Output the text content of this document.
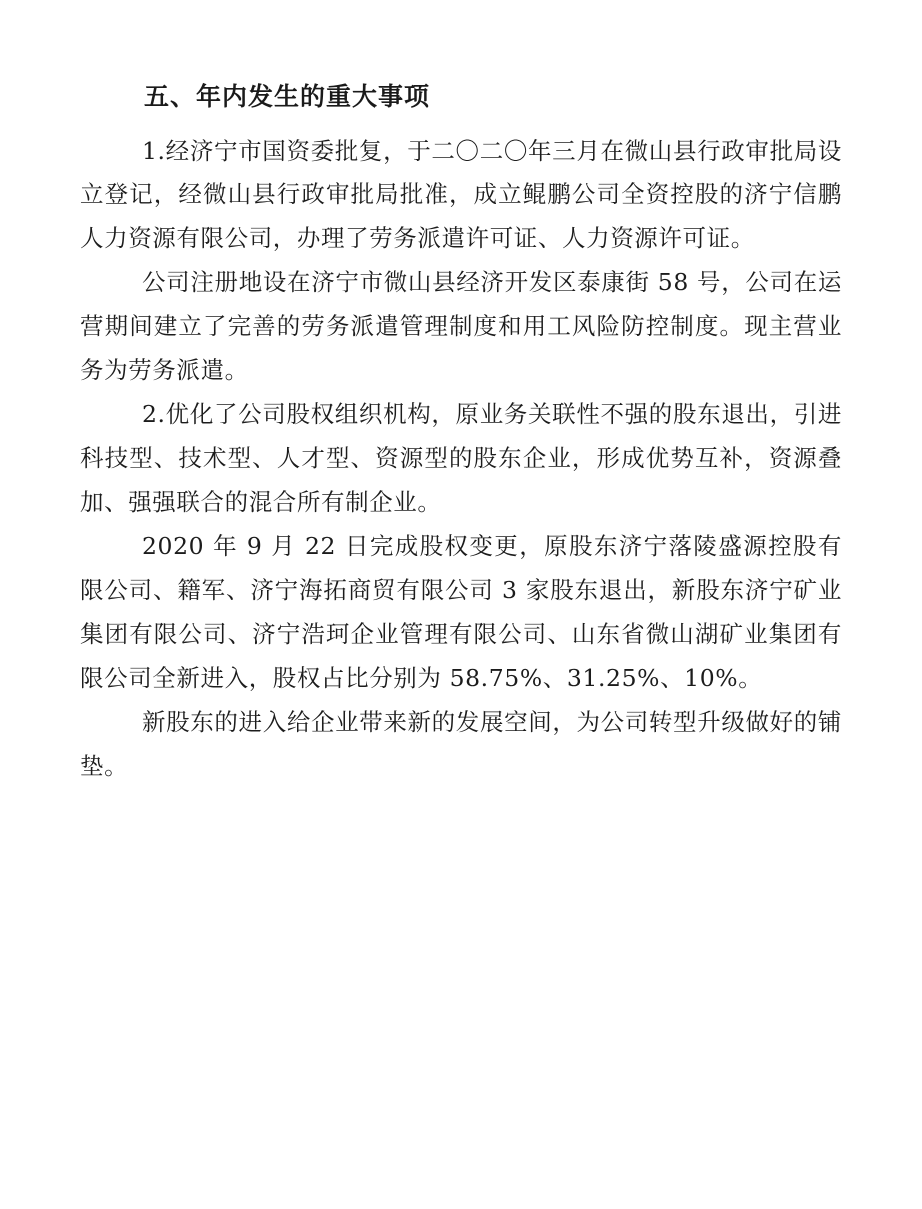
五、年内发生的重大事项

1.经济宁市国资委批复，于二〇二〇年三月在微山县行政审批局设立登记，经微山县行政审批局批准，成立鲲鹏公司全资控股的济宁信鹏人力资源有限公司，办理了劳务派遣许可证、人力资源许可证。

公司注册地设在济宁市微山县经济开发区泰康街 58 号，公司在运营期间建立了完善的劳务派遣管理制度和用工风险防控制度。现主营业务为劳务派遣。

2.优化了公司股权组织机构，原业务关联性不强的股东退出，引进科技型、技术型、人才型、资源型的股东企业，形成优势互补，资源叠加、强强联合的混合所有制企业。

2020 年 9 月 22 日完成股权变更，原股东济宁落陵盛源控股有限公司、籍军、济宁海拓商贸有限公司 3 家股东退出，新股东济宁矿业集团有限公司、济宁浩珂企业管理有限公司、山东省微山湖矿业集团有限公司全新进入，股权占比分别为 58.75%、31.25%、10%。

新股东的进入给企业带来新的发展空间，为公司转型升级做好的铺垫。
